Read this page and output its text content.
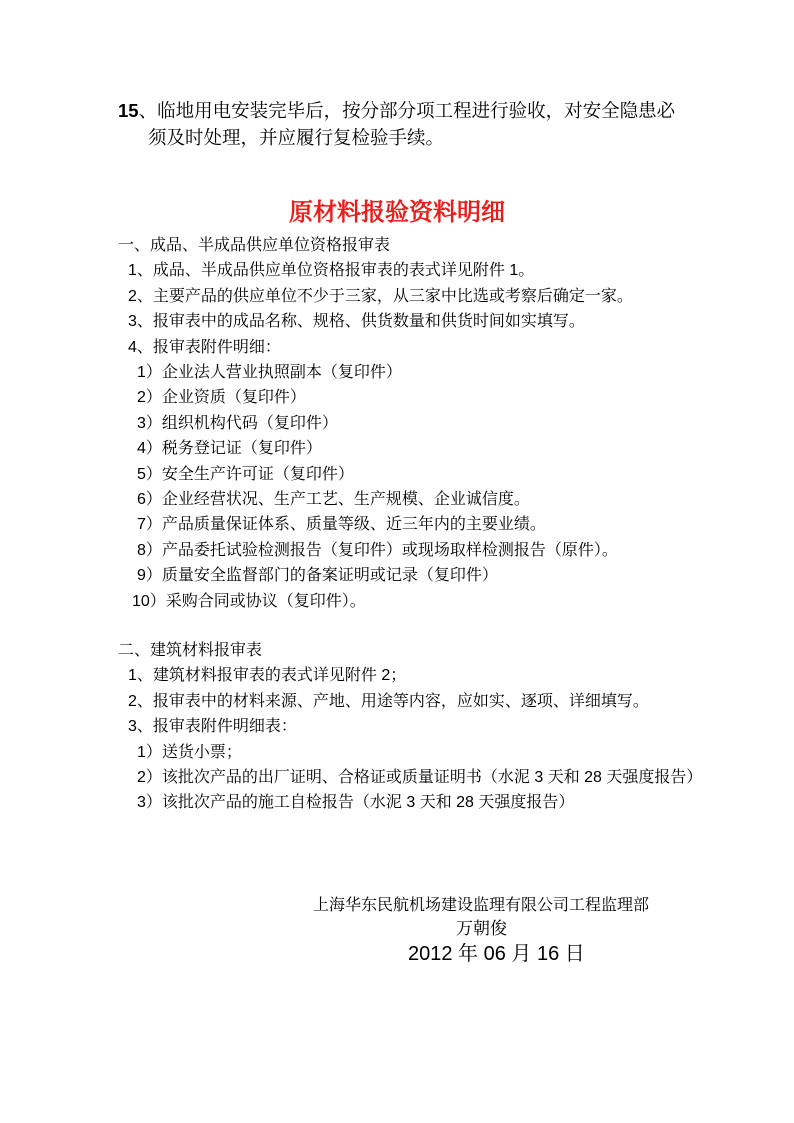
15、临地用电安装完毕后，按分部分项工程进行验收，对安全隐患必
须及时处理，并应履行复检验手续。
原材料报验资料明细
一、成品、半成品供应单位资格报审表
1、成品、半成品供应单位资格报审表的表式详见附件 1。
2、主要产品的供应单位不少于三家，从三家中比选或考察后确定一家。
3、报审表中的成品名称、规格、供货数量和供货时间如实填写。
4、报审表附件明细：
1）企业法人营业执照副本（复印件）
2）企业资质（复印件）
3）组织机构代码（复印件）
4）税务登记证（复印件）
5）安全生产许可证（复印件）
6）企业经营状况、生产工艺、生产规模、企业诚信度。
7）产品质量保证体系、质量等级、近三年内的主要业绩。
8）产品委托试验检测报告（复印件）或现场取样检测报告（原件）。
9）质量安全监督部门的备案证明或记录（复印件）
10）采购合同或协议（复印件）。
二、建筑材料报审表
1、建筑材料报审表的表式详见附件 2；
2、报审表中的材料来源、产地、用途等内容，应如实、逐项、详细填写。
3、报审表附件明细表：
1）送货小票；
2）该批次产品的出厂证明、合格证或质量证明书（水泥 3 天和 28 天强度报告）
3）该批次产品的施工自检报告（水泥 3 天和 28 天强度报告）
上海华东民航机场建设监理有限公司工程监理部
万朝俊
2012 年 06 月 16 日
